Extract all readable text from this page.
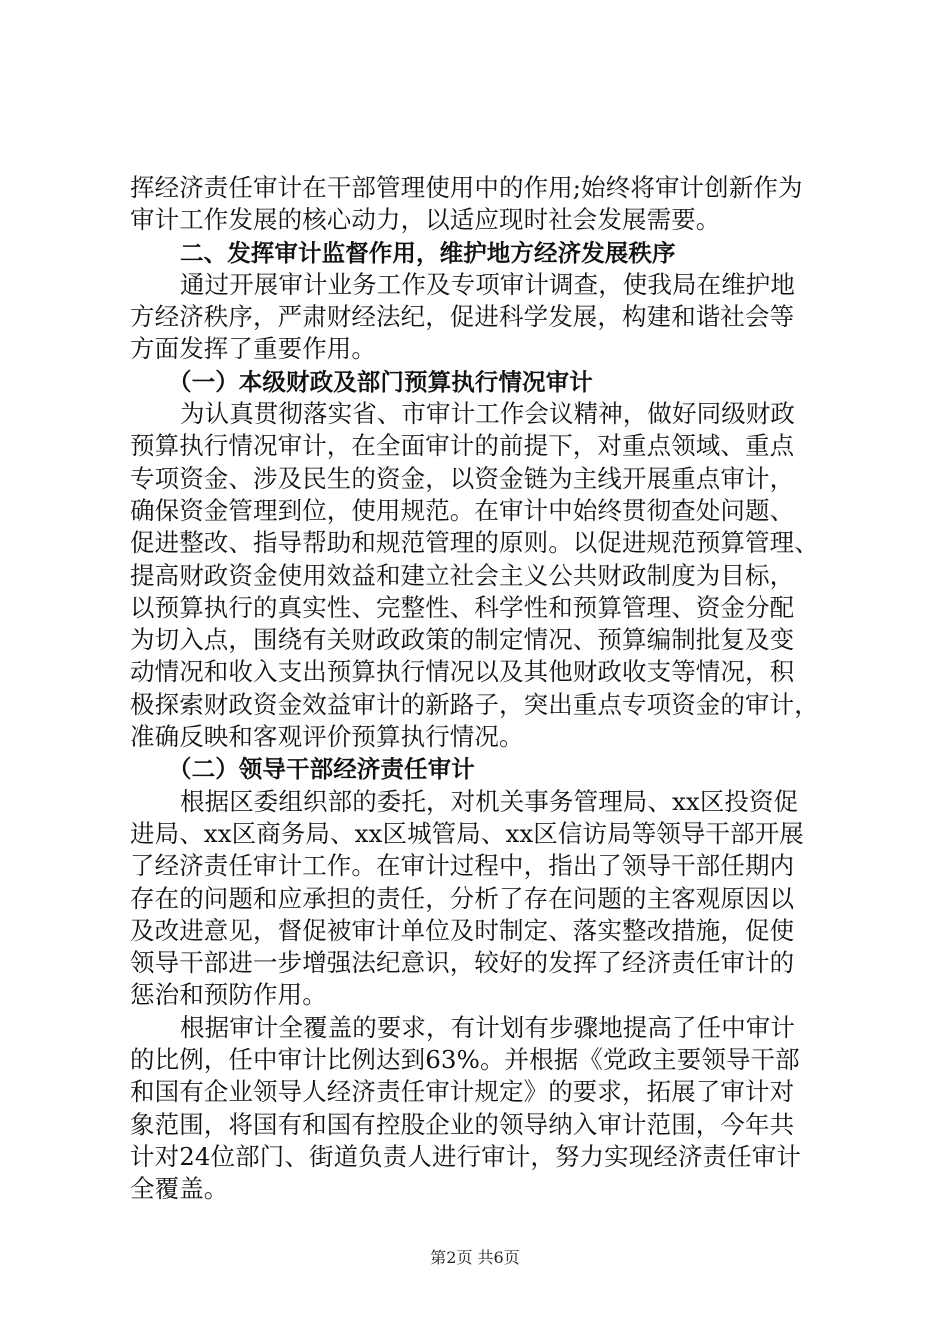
挥经济责任审计在干部管理使用中的作用;始终将审计创新作为
审计工作发展的核心动力，以适应现时社会发展需要。
二、发挥审计监督作用，维护地方经济发展秩序
通过开展审计业务工作及专项审计调查，使我局在维护地
方经济秩序，严肃财经法纪，促进科学发展，构建和谐社会等
方面发挥了重要作用。
（一）本级财政及部门预算执行情况审计
为认真贯彻落实省、市审计工作会议精神，做好同级财政
预算执行情况审计，在全面审计的前提下，对重点领域、重点
专项资金、涉及民生的资金，以资金链为主线开展重点审计，
确保资金管理到位，使用规范。在审计中始终贯彻查处问题、
促进整改、指导帮助和规范管理的原则。以促进规范预算管理、
提高财政资金使用效益和建立社会主义公共财政制度为目标，
以预算执行的真实性、完整性、科学性和预算管理、资金分配
为切入点，围绕有关财政政策的制定情况、预算编制批复及变
动情况和收入支出预算执行情况以及其他财政收支等情况，积
极探索财政资金效益审计的新路子，突出重点专项资金的审计，
准确反映和客观评价预算执行情况。
（二）领导干部经济责任审计
根据区委组织部的委托，对机关事务管理局、xx区投资促
进局、xx区商务局、xx区城管局、xx区信访局等领导干部开展
了经济责任审计工作。在审计过程中，指出了领导干部任期内
存在的问题和应承担的责任，分析了存在问题的主客观原因以
及改进意见，督促被审计单位及时制定、落实整改措施，促使
领导干部进一步增强法纪意识，较好的发挥了经济责任审计的
惩治和预防作用。
根据审计全覆盖的要求，有计划有步骤地提高了任中审计
的比例，任中审计比例达到63%。并根据《党政主要领导干部
和国有企业领导人经济责任审计规定》的要求，拓展了审计对
象范围，将国有和国有控股企业的领导纳入审计范围，今年共
计对24位部门、街道负责人进行审计，努力实现经济责任审计
全覆盖。
第2页 共6页
